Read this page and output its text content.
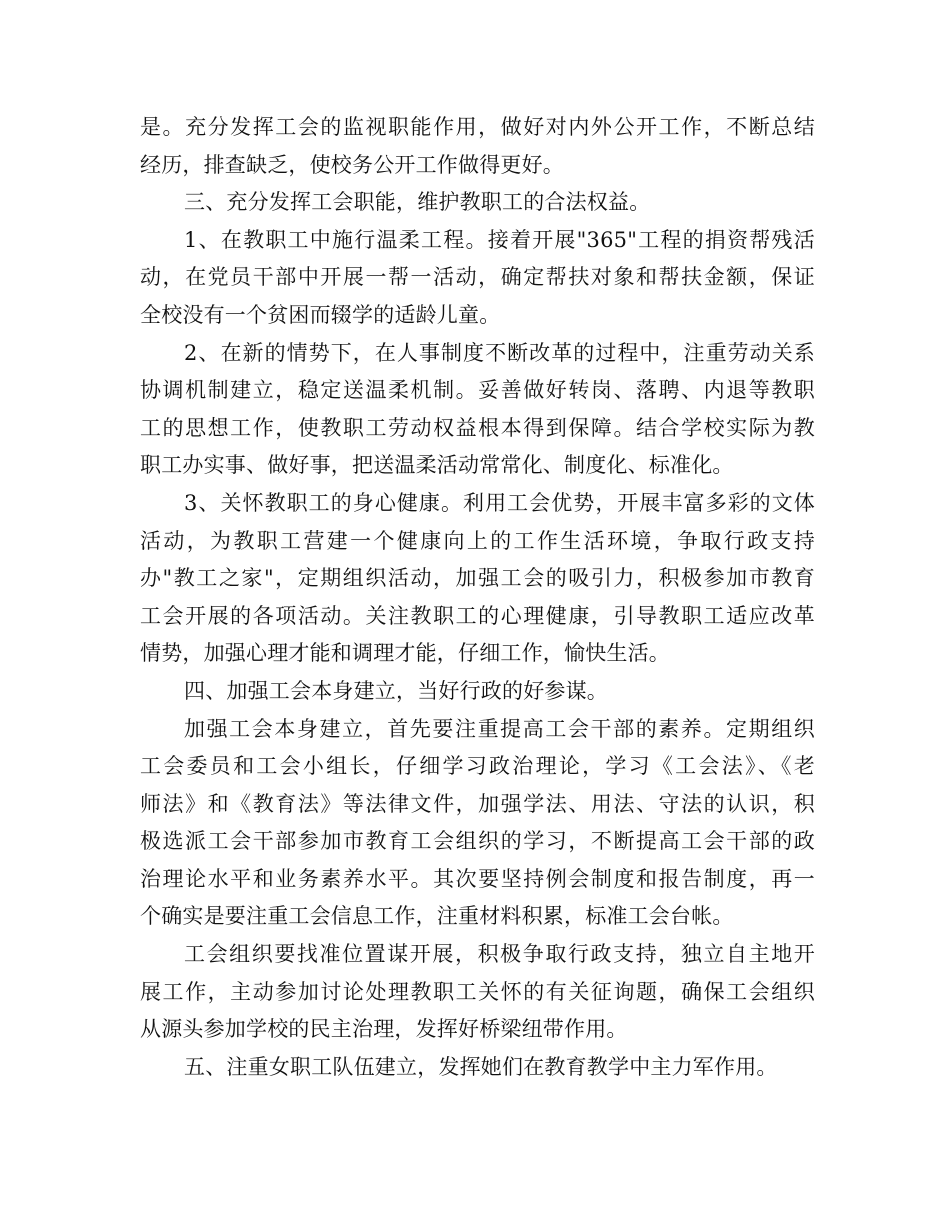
是。充分发挥工会的监视职能作用，做好对内外公开工作，不断总结
经历，排查缺乏，使校务公开工作做得更好。
三、充分发挥工会职能，维护教职工的合法权益。
1、在教职工中施行温柔工程。接着开展"365"工程的捐资帮残活
动，在党员干部中开展一帮一活动，确定帮扶对象和帮扶金额，保证
全校没有一个贫困而辍学的适龄儿童。
2、在新的情势下，在人事制度不断改革的过程中，注重劳动关系
协调机制建立，稳定送温柔机制。妥善做好转岗、落聘、内退等教职
工的思想工作，使教职工劳动权益根本得到保障。结合学校实际为教
职工办实事、做好事，把送温柔活动常常化、制度化、标准化。
3、关怀教职工的身心健康。利用工会优势，开展丰富多彩的文体
活动，为教职工营建一个健康向上的工作生活环境，争取行政支持
办"教工之家"，定期组织活动，加强工会的吸引力，积极参加市教育
工会开展的各项活动。关注教职工的心理健康，引导教职工适应改革
情势，加强心理才能和调理才能，仔细工作，愉快生活。
四、加强工会本身建立，当好行政的好参谋。
加强工会本身建立，首先要注重提高工会干部的素养。定期组织
工会委员和工会小组长，仔细学习政治理论，学习《工会法》、《老
师法》和《教育法》等法律文件，加强学法、用法、守法的认识，积
极选派工会干部参加市教育工会组织的学习，不断提高工会干部的政
治理论水平和业务素养水平。其次要坚持例会制度和报告制度，再一
个确实是要注重工会信息工作，注重材料积累，标准工会台帐。
工会组织要找准位置谋开展，积极争取行政支持，独立自主地开
展工作，主动参加讨论处理教职工关怀的有关征询题，确保工会组织
从源头参加学校的民主治理，发挥好桥梁纽带作用。
五、注重女职工队伍建立，发挥她们在教育教学中主力军作用。
